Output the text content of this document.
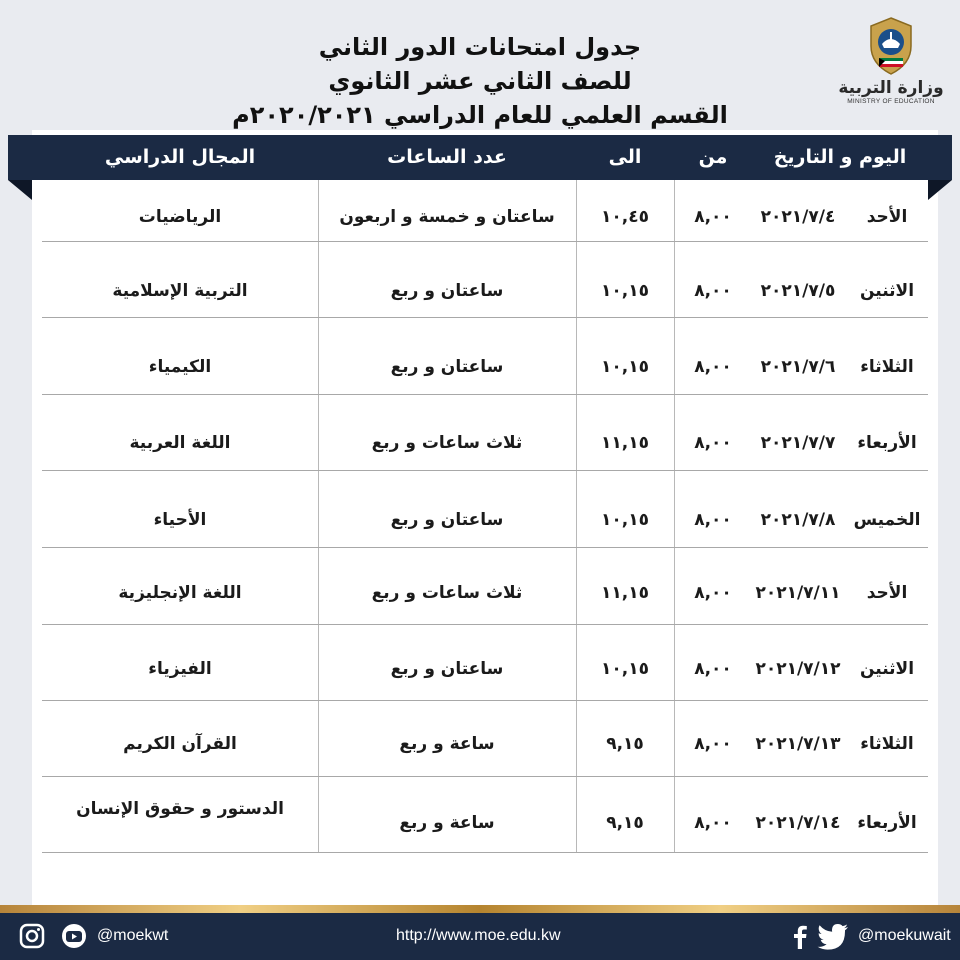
جدول امتحانات الدور الثاني
للصف الثاني عشر الثانوي
القسم العلمي للعام الدراسي ٢٠٢٠/٢٠٢١م
وزارة التربية
MINISTRY OF EDUCATION
اليوم و التاريخ
من
الى
عدد الساعات
المجال الدراسي
الأحد
٢٠٢١/٧/٤
٨,٠٠
١٠,٤٥
ساعتان و خمسة و اربعون
الرياضيات
الاثنين
٢٠٢١/٧/٥
٨,٠٠
١٠,١٥
ساعتان و ربع
التربية الإسلامية
الثلاثاء
٢٠٢١/٧/٦
٨,٠٠
١٠,١٥
ساعتان و ربع
الكيمياء
الأربعاء
٢٠٢١/٧/٧
٨,٠٠
١١,١٥
ثلاث ساعات و ربع
اللغة العربية
الخميس
٢٠٢١/٧/٨
٨,٠٠
١٠,١٥
ساعتان و ربع
الأحياء
الأحد
٢٠٢١/٧/١١
٨,٠٠
١١,١٥
ثلاث ساعات و ربع
اللغة الإنجليزية
الاثنين
٢٠٢١/٧/١٢
٨,٠٠
١٠,١٥
ساعتان و ربع
الفيزياء
الثلاثاء
٢٠٢١/٧/١٣
٨,٠٠
٩,١٥
ساعة و ربع
القرآن الكريم
الأربعاء
٢٠٢١/٧/١٤
٨,٠٠
٩,١٥
ساعة و ربع
الدستور و حقوق الإنسان
@moekwt	http://www.moe.edu.kw	@moekuwait
